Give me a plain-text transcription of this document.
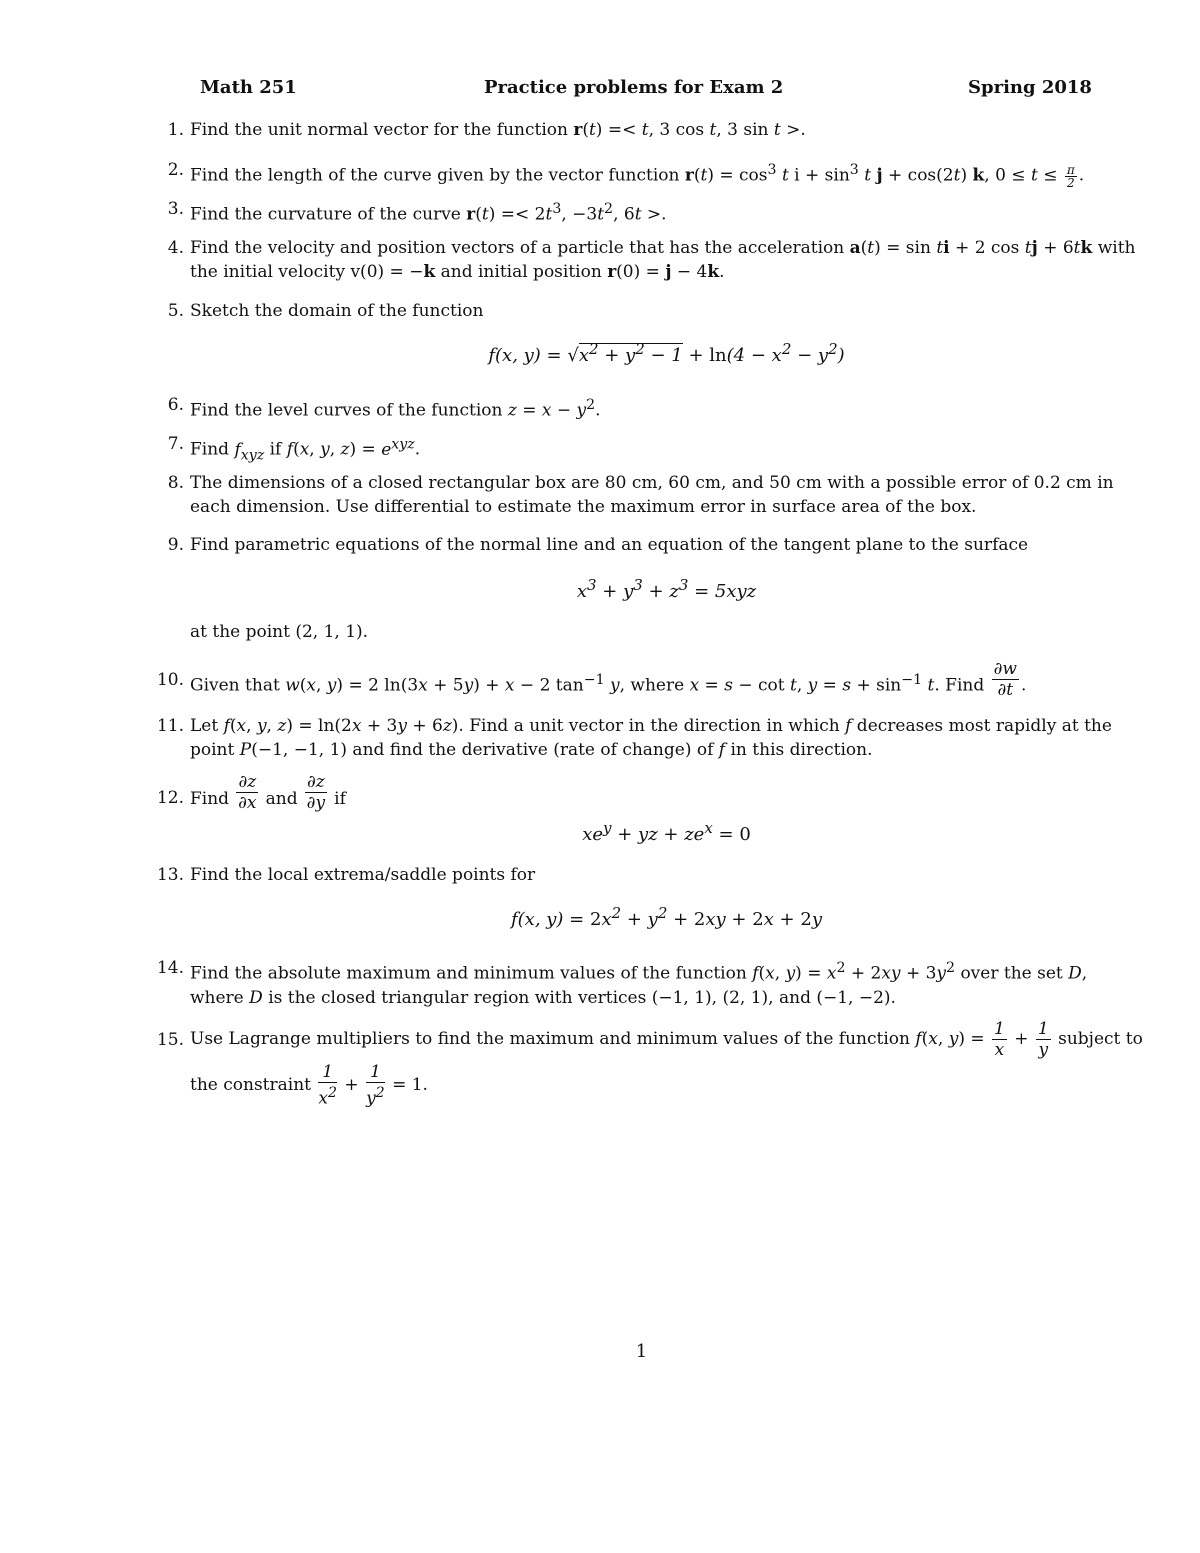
Math 251	Practice problems for Exam 2	Spring 2018
1. Find the unit normal vector for the function r(t) =< t, 3 cos t, 3 sin t >.
2. Find the length of the curve given by the vector function $r(t) = \cos^3 t$ $i + \sin^3 t$ j + cos(2t) k, $0 \le t \le \frac{\pi}{2}$ .
3. Find the curvature of the curve $r(t) =< 2t^3$, $-3t^2$, 6t >.
4. Find the velocity and position vectors of a particle that has the acceleration a(t) = sin ti + 2 cos tj + 6tk with the initial velocity v(0) = −k and initial position r(0) = j − 4k.
5. Sketch the domain of the function
f(x, $y) = √x^2 + y^2 - 1 + \ln(4 - x^2 - y^2)$
6. Find the level curves of the function $z = x - y^2$.
7. Find $f_{xyz}$ if f(x, y, $z) = e^{xyz}$.
8. The dimensions of a closed rectangular box are 80 cm, 60 cm, and 50 cm with a possible error of 0.2 cm in each dimension. Use differential to estimate the maximum error in surface area of the box.
9. Find parametric equations of the normal line and an equation of the tangent plane to the surface
$x^3 + y^3 + z^3 = 5xyz$
at the point (2, 1, 1).
10. Given that w(x, y) = 2 ln(3x + 5y) + x − 2 $\tan^{-1} y$, where x = s − cot t, $y = s + \sin^{-1} t$. Find $\frac{\partial w}{\partial t}$ .
11. Let f(x, y, z) = ln(2x + 3y + 6z). Find a unit vector in the direction in which f decreases most rapidly at the point P(−1, −1, 1) and find the derivative (rate of change) of f in this direction.
12. Find $\frac{\partial z}{\partial x}$ and $\frac{\partial z}{\partial y}$ if
$xe^y$ + yz + $ze^x = 0$
13. Find the local extrema/saddle points for
f(x, $y) = 2x^2 + y^2 + 2xy + 2x + 2y$
14. Find the absolute maximum and minimum values of the function f(x, $y) = x^2 + 2xy + 3y^2$ over the set D, where D is the closed triangular region with vertices (−1, 1), (2, 1), and (−1, −2).
15. Use Lagrange multipliers to find the maximum and minimum values of the function f(x, $y) = \frac{1}{x} + \frac{1}{y}$ subject to the constraint $\frac{1}{x^2} + \frac{1}{y^2} = 1$.
1
